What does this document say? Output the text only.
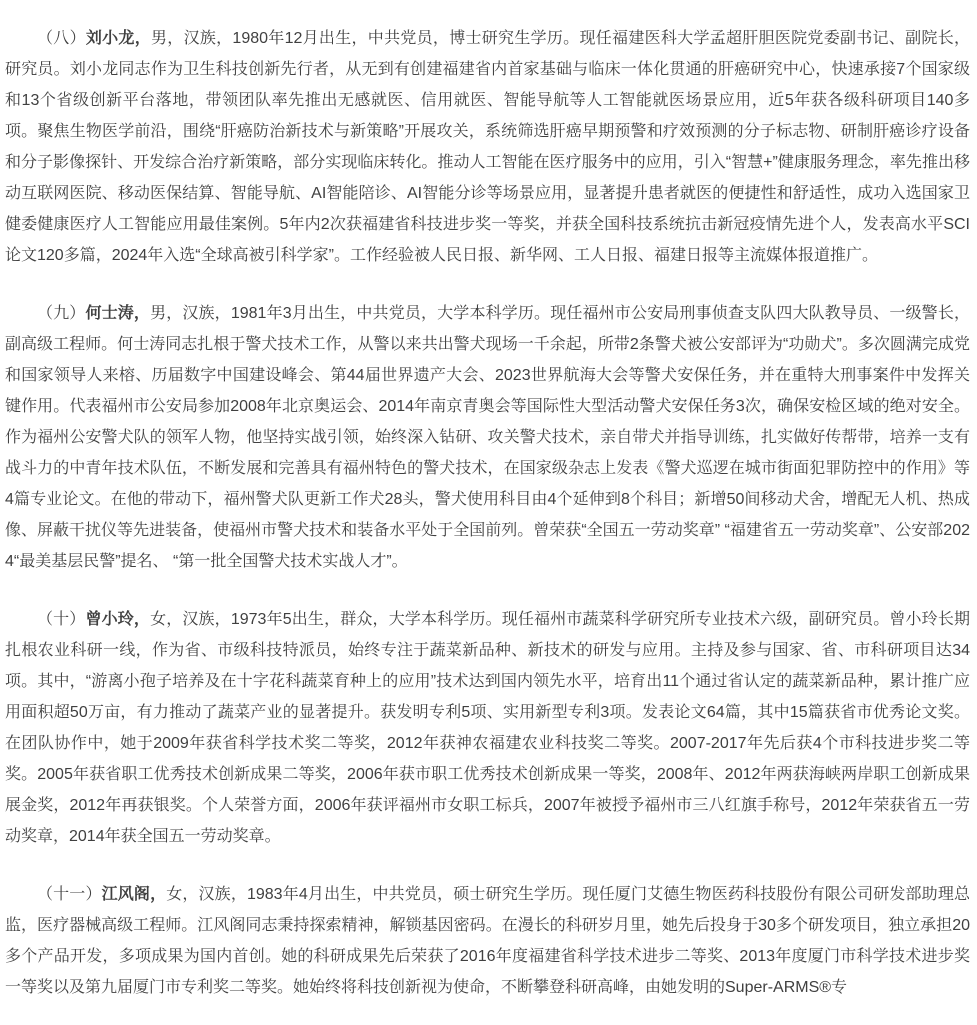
（八）刘小龙，男，汉族，1980年12月出生，中共党员，博士研究生学历。现任福建医科大学孟超肝胆医院党委副书记、副院长，研究员。刘小龙同志作为卫生科技创新先行者，从无到有创建福建省内首家基础与临床一体化贯通的肝癌研究中心，快速承接7个国家级和13个省级创新平台落地，带领团队率先推出无感就医、信用就医、智能导航等人工智能就医场景应用，近5年获各级科研项目140多项。聚焦生物医学前沿，围绕“肝癌防治新技术与新策略”开展攻关，系统筛选肝癌早期预警和疗效预测的分子标志物、研制肝癌诊疗设备和分子影像探针、开发综合治疗新策略，部分实现临床转化。推动人工智能在医疗服务中的应用，引入“智慧+”健康服务理念，率先推出移动互联网医院、移动医保结算、智能导航、AI智能陪诊、AI智能分诊等场景应用，显著提升患者就医的便捷性和舒适性，成功入选国家卫健委健康医疗人工智能应用最佳案例。5年内2次获福建省科技进步奖一等奖，并获全国科技系统抗击新冠疫情先进个人，发表高水平SCI论文120多篇，2024年入选“全球高被引科学家”。工作经验被人民日报、新华网、工人日报、福建日报等主流媒体报道推广。

（九）何士涛，男，汉族，1981年3月出生，中共党员，大学本科学历。现任福州市公安局刑事侦查支队四大队教导员、一级警长，副高级工程师。何士涛同志扎根于警犬技术工作，从警以来共出警犬现场一千余起，所带2条警犬被公安部评为“功勋犬”。多次圆满完成党和国家领导人来榕、历届数字中国建设峰会、第44届世界遗产大会、2023世界航海大会等警犬安保任务，并在重特大刑事案件中发挥关键作用。代表福州市公安局参加2008年北京奥运会、2014年南京青奥会等国际性大型活动警犬安保任务3次，确保安检区域的绝对安全。作为福州公安警犬队的领军人物，他坚持实战引领，始终深入钻研、攻关警犬技术，亲自带犬并指导训练，扎实做好传帮带，培养一支有战斗力的中青年技术队伍，不断发展和完善具有福州特色的警犬技术，在国家级杂志上发表《警犬巡逻在城市街面犯罪防控中的作用》等4篇专业论文。在他的带动下，福州警犬队更新工作犬28头，警犬使用科目由4个延伸到8个科目；新增50间移动犬舍，增配无人机、热成像、屏蔽干扰仪等先进装备，使福州市警犬技术和装备水平处于全国前列。曾荣获“全国五一劳动奖章” “福建省五一劳动奖章”、公安部2024“最美基层民警”提名、 “第一批全国警犬技术实战人才”。

（十）曾小玲，女，汉族，1973年5出生，群众，大学本科学历。现任福州市蔬菜科学研究所专业技术六级，副研究员。曾小玲长期扎根农业科研一线，作为省、市级科技特派员，始终专注于蔬菜新品种、新技术的研发与应用。主持及参与国家、省、市科研项目达34项。其中，“游离小孢子培养及在十字花科蔬菜育种上的应用”技术达到国内领先水平，培育出11个通过省认定的蔬菜新品种，累计推广应用面积超50万亩，有力推动了蔬菜产业的显著提升。获发明专利5项、实用新型专利3项。发表论文64篇，其中15篇获省市优秀论文奖。在团队协作中，她于2009年获省科学技术奖二等奖，2012年获神农福建农业科技奖二等奖。2007-2017年先后获4个市科技进步奖二等奖。2005年获省职工优秀技术创新成果二等奖，2006年获市职工优秀技术创新成果一等奖，2008年、2012年两获海峡两岸职工创新成果展金奖，2012年再获银奖。个人荣誉方面，2006年获评福州市女职工标兵，2007年被授予福州市三八红旗手称号，2012年荣获省五一劳动奖章，2014年获全国五一劳动奖章。

（十一）江风阁，女，汉族，1983年4月出生，中共党员，硕士研究生学历。现任厦门艾德生物医药科技股份有限公司研发部助理总监，医疗器械高级工程师。江风阁同志秉持探索精神，解锁基因密码。在漫长的科研岁月里，她先后投身于30多个研发项目，独立承担20多个产品开发，多项成果为国内首创。她的科研成果先后荣获了2016年度福建省科学技术进步二等奖、2013年度厦门市科学技术进步奖一等奖以及第九届厦门市专利奖二等奖。她始终将科技创新视为使命，不断攀登科研高峰，由她发明的Super-ARMS®专
